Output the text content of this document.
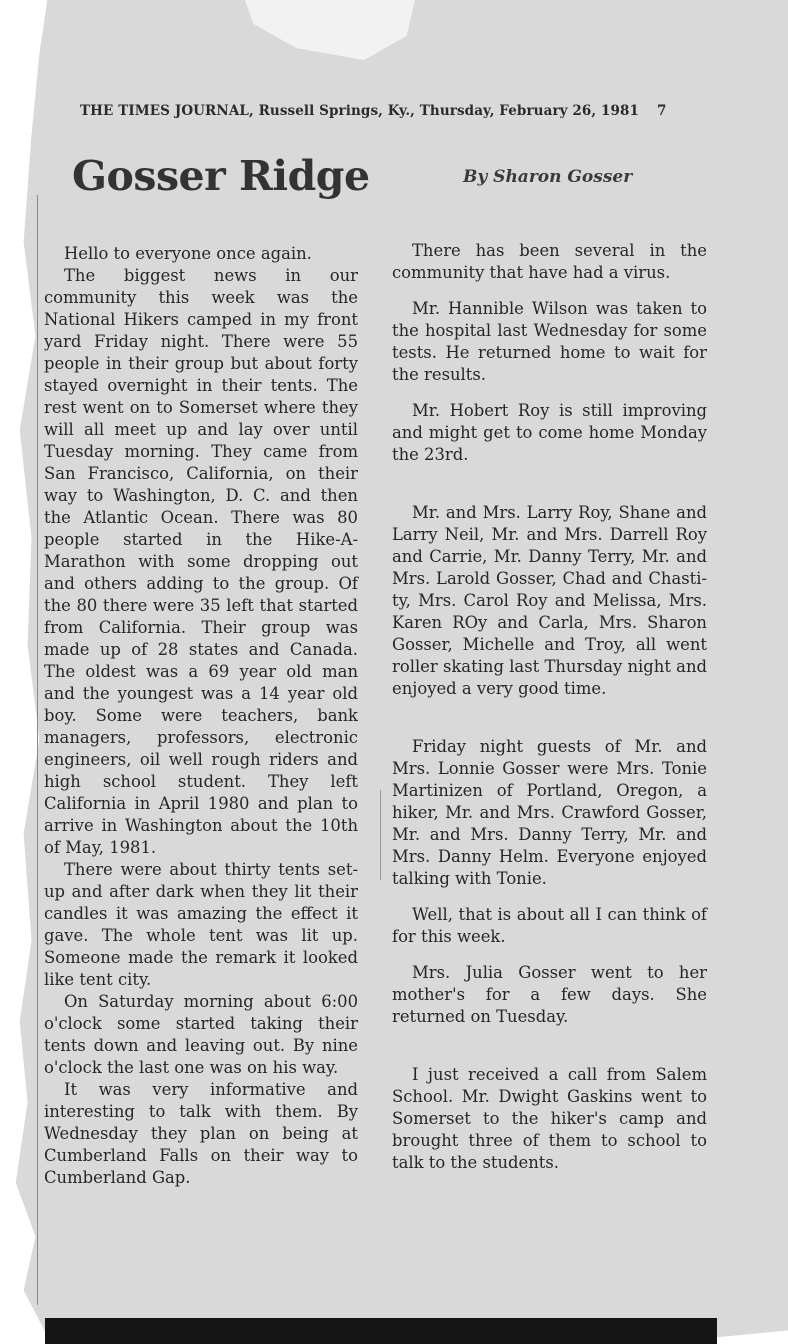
THE TIMES JOURNAL, Russell Springs, Ky., Thursday, February 26, 1981 7
Gosser Ridge	By Sharon Gosser

Hello to everyone once again.

The biggest news in our community this week was the National Hikers camped in my front yard Friday night. There were 55 people in their group but about forty stayed overnight in their tents. The rest went on to Somerset where they will all meet up and lay over until Tuesday morning. They came from San Francisco, California, on their way to Washington, D. C. and then the Atlantic Ocean. There was 80 people started in the Hike-A-Marathon with some dropping out and others adding to the group. Of the 80 there were 35 left that started from California. Their group was made up of 28 states and Canada. The oldest was a 69 year old man and the youngest was a 14 year old boy. Some were teachers, bank managers, professors, electronic engineers, oil well rough riders and high school student. They left California in April 1980 and plan to arrive in Washington about the 10th of May, 1981.

There were about thirty tents set-up and after dark when they lit their candles it was amazing the effect it gave. The whole tent was lit up. Someone made the remark it looked like tent city.

On Saturday morning about 6:00 o'clock some started taking their tents down and leaving out. By nine o'clock the last one was on his way.

It was very informative and interesting to talk with them. By Wednesday they plan on being at Cumberland Falls on their way to Cumberland Gap.

There has been several in the community that have had a virus.

Mr. Hannible Wilson was taken to the hospital last Wednesday for some tests. He returned home to wait for the results.

Mr. Hobert Roy is still improving and might get to come home Monday the 23rd.

Mr. and Mrs. Larry Roy, Shane and Larry Neil, Mr. and Mrs. Darrell Roy and Carrie, Mr. Danny Terry, Mr. and Mrs. Larold Gosser, Chad and Chasti-ty, Mrs. Carol Roy and Melissa, Mrs. Karen ROy and Carla, Mrs. Sharon Gosser, Michelle and Troy, all went roller skating last Thursday night and enjoyed a very good time.

Friday night guests of Mr. and Mrs. Lonnie Gosser were Mrs. Tonie Martinizen of Portland, Oregon, a hiker, Mr. and Mrs. Crawford Gosser, Mr. and Mrs. Danny Terry, Mr. and Mrs. Danny Helm. Everyone enjoyed talking with Tonie.

Well, that is about all I can think of for this week.

Mrs. Julia Gosser went to her mother's for a few days. She returned on Tuesday.

I just received a call from Salem School. Mr. Dwight Gaskins went to Somerset to the hiker's camp and brought three of them to school to talk to the students.
